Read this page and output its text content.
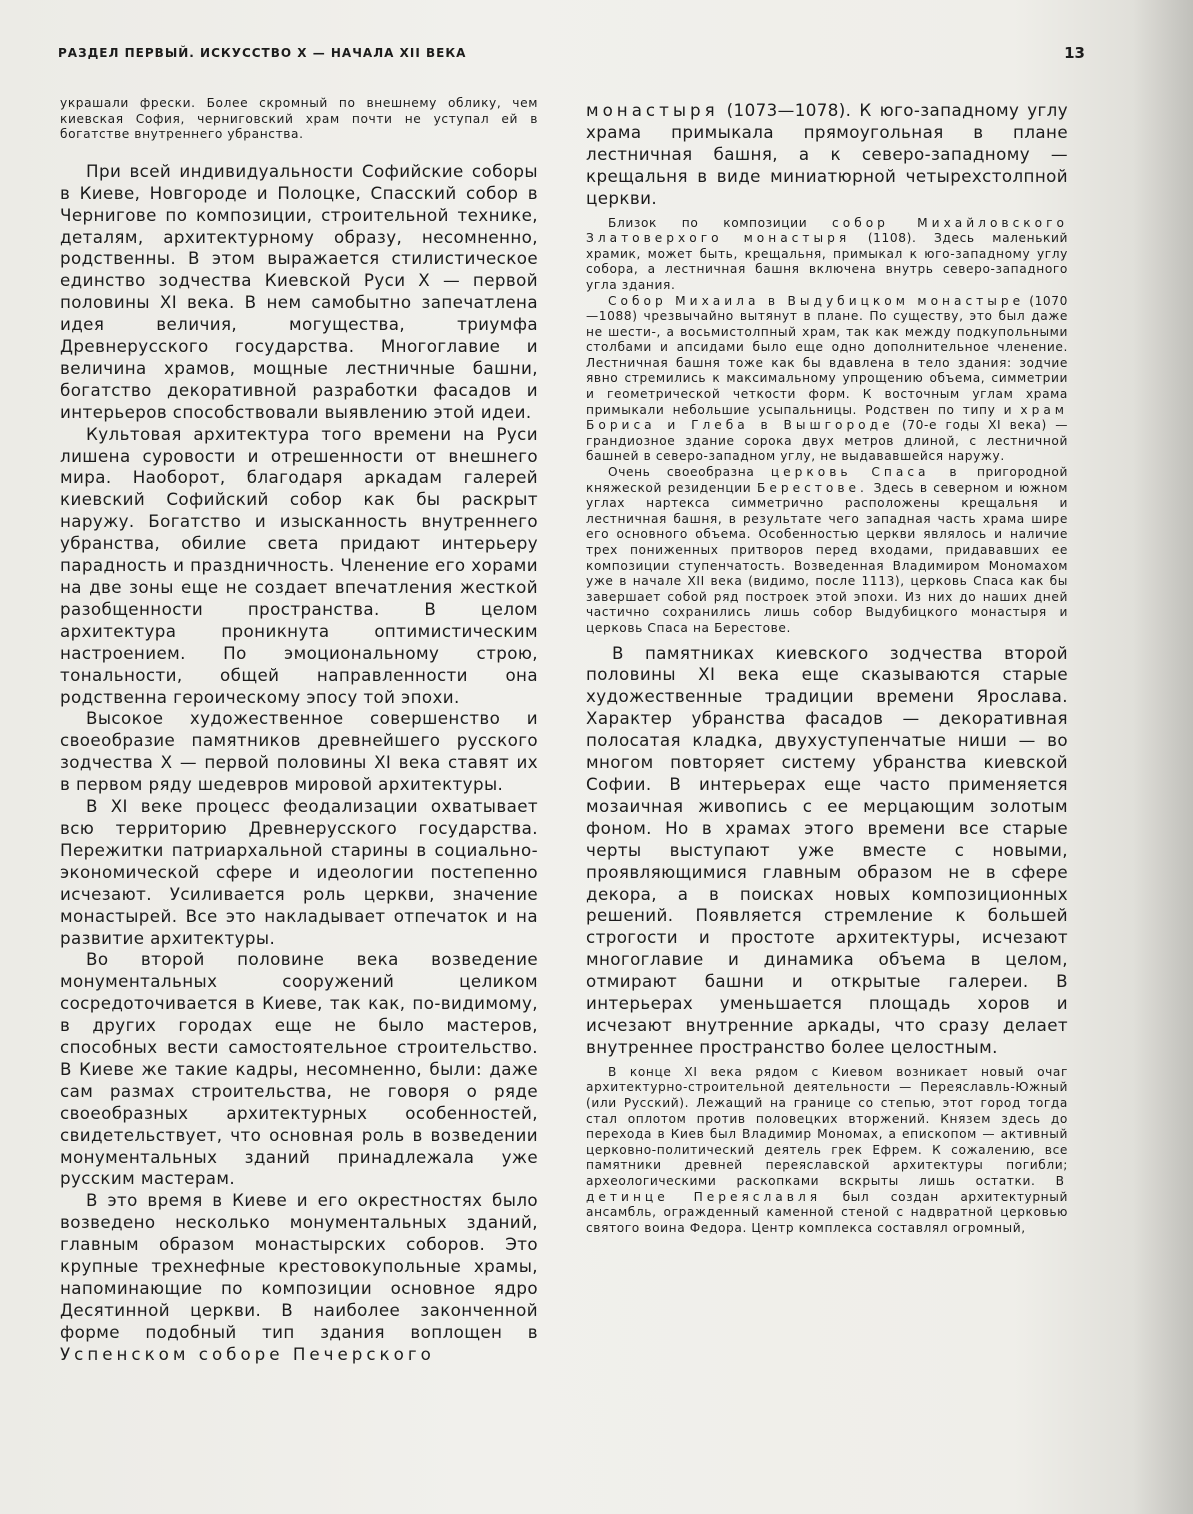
РАЗДЕЛ ПЕРВЫЙ. ИСКУССТВО X — НАЧАЛА XII ВЕКА	13

украшали фрески. Более скромный по внешнему облику, чем киевская София, черниговский храм почти не уступал ей в богатстве внутреннего убранства.

При всей индивидуальности Софийские соборы в Киеве, Новгороде и Полоцке, Спасский собор в Чернигове по композиции, строительной технике, деталям, архитектурному образу, несомненно, родственны. В этом выражается стилистическое единство зодчества Киевской Руси X — первой половины XI века. В нем самобытно запечатлена идея величия, могущества, триумфа Древнерусского государства. Многоглавие и величина храмов, мощные лестничные башни, богатство декоративной разработки фасадов и интерьеров способствовали выявлению этой идеи.

Культовая архитектура того времени на Руси лишена суровости и отрешенности от внешнего мира. Наоборот, благодаря аркадам галерей киевский Софийский собор как бы раскрыт наружу. Богатство и изысканность внутреннего убранства, обилие света придают интерьеру парадность и праздничность. Членение его хорами на две зоны еще не создает впечатления жесткой разобщенности пространства. В целом архитектура проникнута оптимистическим настроением. По эмоциональному строю, тональности, общей направленности она родственна героическому эпосу той эпохи.

Высокое художественное совершенство и своеобразие памятников древнейшего русского зодчества X — первой половины XI века ставят их в первом ряду шедевров мировой архитектуры.

В XI веке процесс феодализации охватывает всю территорию Древнерусского государства. Пережитки патриархальной старины в социально-экономической сфере и идеологии постепенно исчезают. Усиливается роль церкви, значение монастырей. Все это накладывает отпечаток и на развитие архитектуры.

Во второй половине века возведение монументальных сооружений целиком сосредоточивается в Киеве, так как, по-видимому, в других городах еще не было мастеров, способных вести самостоятельное строительство. В Киеве же такие кадры, несомненно, были: даже сам размах строительства, не говоря о ряде своеобразных архитектурных особенностей, свидетельствует, что основная роль в возведении монументальных зданий принадлежала уже русским мастерам.

В это время в Киеве и его окрестностях было возведено несколько монументальных зданий, главным образом монастырских соборов. Это крупные трехнефные крестовокупольные храмы, напоминающие по композиции основное ядро Десятинной церкви. В наиболее законченной форме подобный тип здания воплощен в Успенском соборе Печерского

монастыря (1073—1078). К юго-западному углу храма примыкала прямоугольная в плане лестничная башня, а к северо-западному — крещальня в виде миниатюрной четырехстолпной церкви.

Близок по композиции собор Михайловского Златоверхого монастыря (1108). Здесь маленький храмик, может быть, крещальня, примыкал к юго-западному углу собора, а лестничная башня включена внутрь северо-западного угла здания.

Собор Михаила в Выдубицком монастыре (1070—1088) чрезвычайно вытянут в плане. По существу, это был даже не шести-, а восьмистолпный храм, так как между подкупольными столбами и апсидами было еще одно дополнительное членение. Лестничная башня тоже как бы вдавлена в тело здания: зодчие явно стремились к максимальному упрощению объема, симметрии и геометрической четкости форм. К восточным углам храма примыкали небольшие усыпальницы. Родствен по типу и храм Бориса и Глеба в Вышгороде (70-е годы XI века) — грандиозное здание сорока двух метров длиной, с лестничной башней в северо-западном углу, не выдававшейся наружу.

Очень своеобразна церковь Спаса в пригородной княжеской резиденции Берестове. Здесь в северном и южном углах нартекса симметрично расположены крещальня и лестничная башня, в результате чего западная часть храма шире его основного объема. Особенностью церкви являлось и наличие трех пониженных притворов перед входами, придававших ее композиции ступенчатость. Возведенная Владимиром Мономахом уже в начале XII века (видимо, после 1113), церковь Спаса как бы завершает собой ряд построек этой эпохи. Из них до наших дней частично сохранились лишь собор Выдубицкого монастыря и церковь Спаса на Берестове.

В памятниках киевского зодчества второй половины XI века еще сказываются старые художественные традиции времени Ярослава. Характер убранства фасадов — декоративная полосатая кладка, двухуступенчатые ниши — во многом повторяет систему убранства киевской Софии. В интерьерах еще часто применяется мозаичная живопись с ее мерцающим золотым фоном. Но в храмах этого времени все старые черты выступают уже вместе с новыми, проявляющимися главным образом не в сфере декора, а в поисках новых композиционных решений. Появляется стремление к большей строгости и простоте архитектуры, исчезают многоглавие и динамика объема в целом, отмирают башни и открытые галереи. В интерьерах уменьшается площадь хоров и исчезают внутренние аркады, что сразу делает внутреннее пространство более целостным.

В конце XI века рядом с Киевом возникает новый очаг архитектурно-строительной деятельности — Переяславль-Южный (или Русский). Лежащий на границе со степью, этот город тогда стал оплотом против половецких вторжений. Князем здесь до перехода в Киев был Владимир Мономах, а епископом — активный церковно-политический деятель грек Ефрем. К сожалению, все памятники древней переяславской архитектуры погибли; археологическими раскопками вскрыты лишь остатки. В детинце Переяславля был создан архитектурный ансамбль, огражденный каменной стеной с надвратной церковью святого воина Федора. Центр комплекса составлял огромный,
